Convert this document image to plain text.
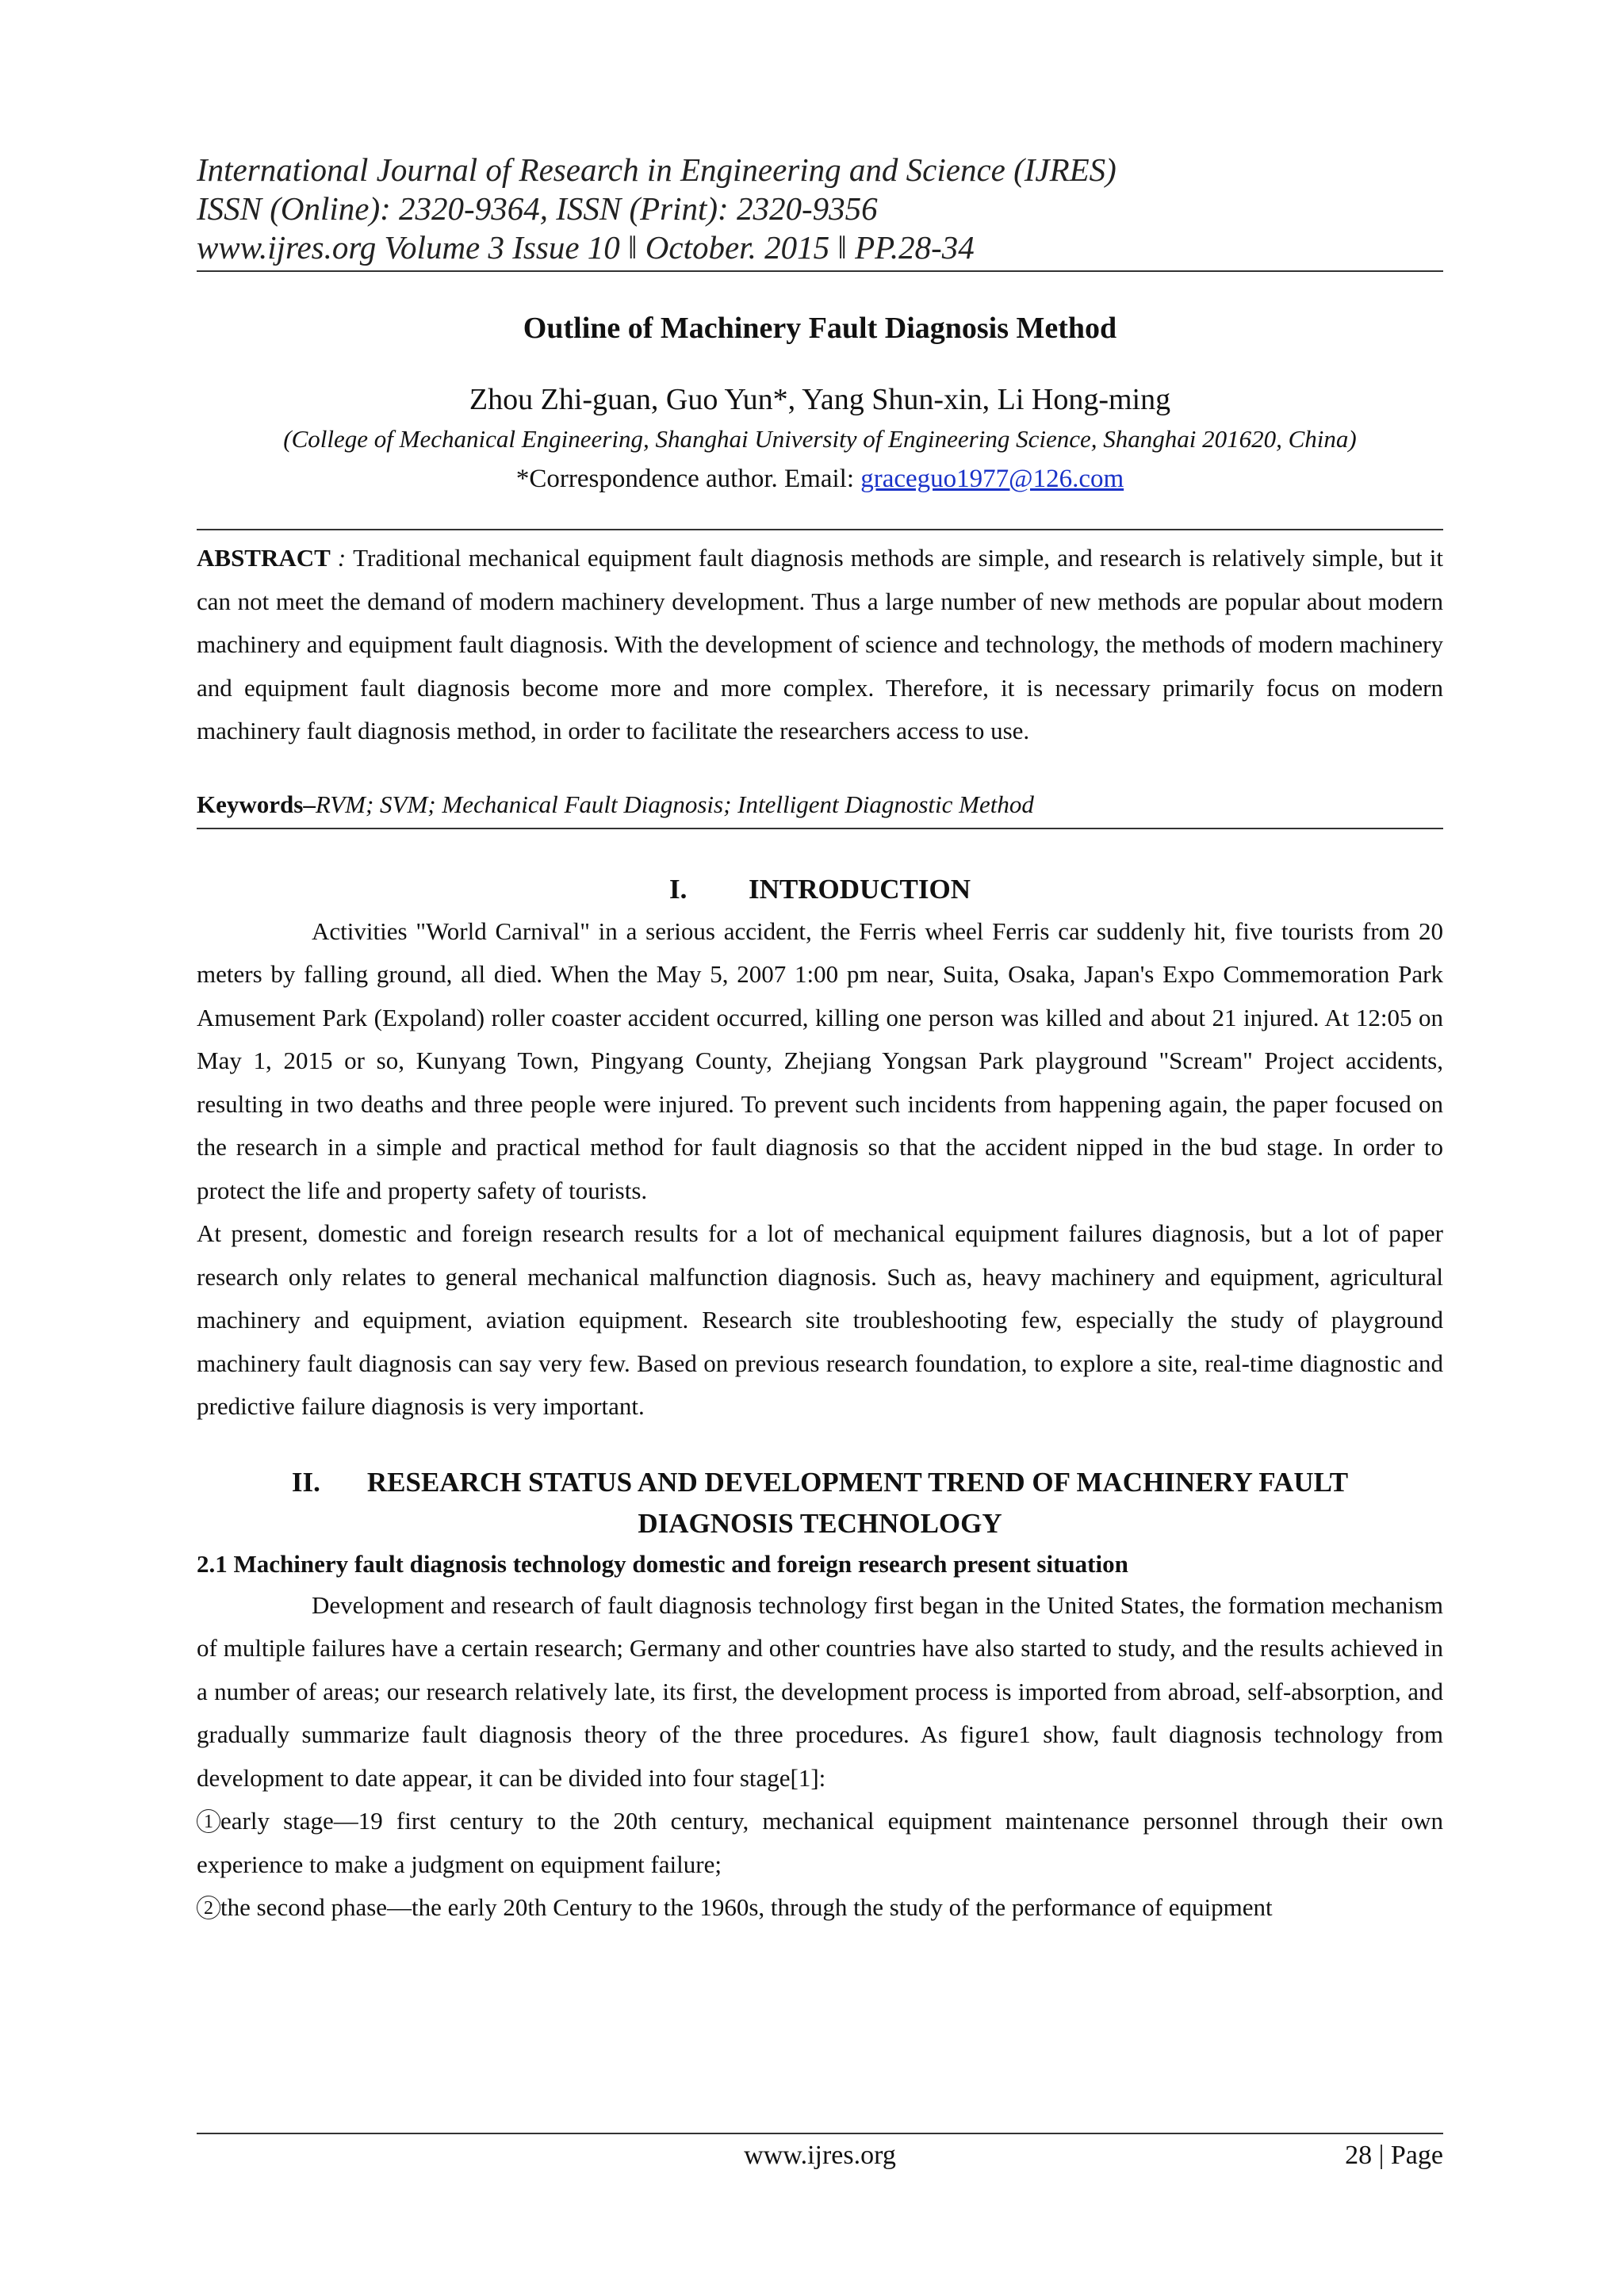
International Journal of Research in Engineering and Science (IJRES)
ISSN (Online): 2320-9364, ISSN (Print): 2320-9356
www.ijres.org Volume 3 Issue 10 ǁ October. 2015 ǁ PP.28-34
Outline of Machinery Fault Diagnosis Method
Zhou Zhi-guan, Guo Yun*, Yang Shun-xin, Li Hong-ming
(College of Mechanical Engineering, Shanghai University of Engineering Science, Shanghai 201620, China)
*Correspondence author. Email: graceguo1977@126.com
ABSTRACT : Traditional mechanical equipment fault diagnosis methods are simple, and research is relatively simple, but it can not meet the demand of modern machinery development. Thus a large number of new methods are popular about modern machinery and equipment fault diagnosis. With the development of science and technology, the methods of modern machinery and equipment fault diagnosis become more and more complex. Therefore, it is necessary primarily focus on modern machinery fault diagnosis method, in order to facilitate the researchers access to use.
Keywords–RVM; SVM; Mechanical Fault Diagnosis; Intelligent Diagnostic Method
I. INTRODUCTION
Activities "World Carnival" in a serious accident, the Ferris wheel Ferris car suddenly hit, five tourists from 20 meters by falling ground, all died. When the May 5, 2007 1:00 pm near, Suita, Osaka, Japan's Expo Commemoration Park Amusement Park (Expoland) roller coaster accident occurred, killing one person was killed and about 21 injured. At 12:05 on May 1, 2015 or so, Kunyang Town, Pingyang County, Zhejiang Yongsan Park playground "Scream" Project accidents, resulting in two deaths and three people were injured. To prevent such incidents from happening again, the paper focused on the research in a simple and practical method for fault diagnosis so that the accident nipped in the bud stage. In order to protect the life and property safety of tourists.
At present, domestic and foreign research results for a lot of mechanical equipment failures diagnosis, but a lot of paper research only relates to general mechanical malfunction diagnosis. Such as, heavy machinery and equipment, agricultural machinery and equipment, aviation equipment. Research site troubleshooting few, especially the study of playground machinery fault diagnosis can say very few. Based on previous research foundation, to explore a site, real-time diagnostic and predictive failure diagnosis is very important.
II.	RESEARCH STATUS AND DEVELOPMENT TREND OF MACHINERY FAULT
DIAGNOSIS TECHNOLOGY
2.1 Machinery fault diagnosis technology domestic and foreign research present situation
Development and research of fault diagnosis technology first began in the United States, the formation mechanism of multiple failures have a certain research; Germany and other countries have also started to study, and the results achieved in a number of areas; our research relatively late, its first, the development process is imported from abroad, self-absorption, and gradually summarize fault diagnosis theory of the three procedures. As figure1 show, fault diagnosis technology from development to date appear, it can be divided into four stage[1]:
1 early stage—19 first century to the 20th century, mechanical equipment maintenance personnel through their own experience to make a judgment on equipment failure;
2 the second phase—the early 20th Century to the 1960s, through the study of the performance of equipment
www.ijres.org	28 | Page
